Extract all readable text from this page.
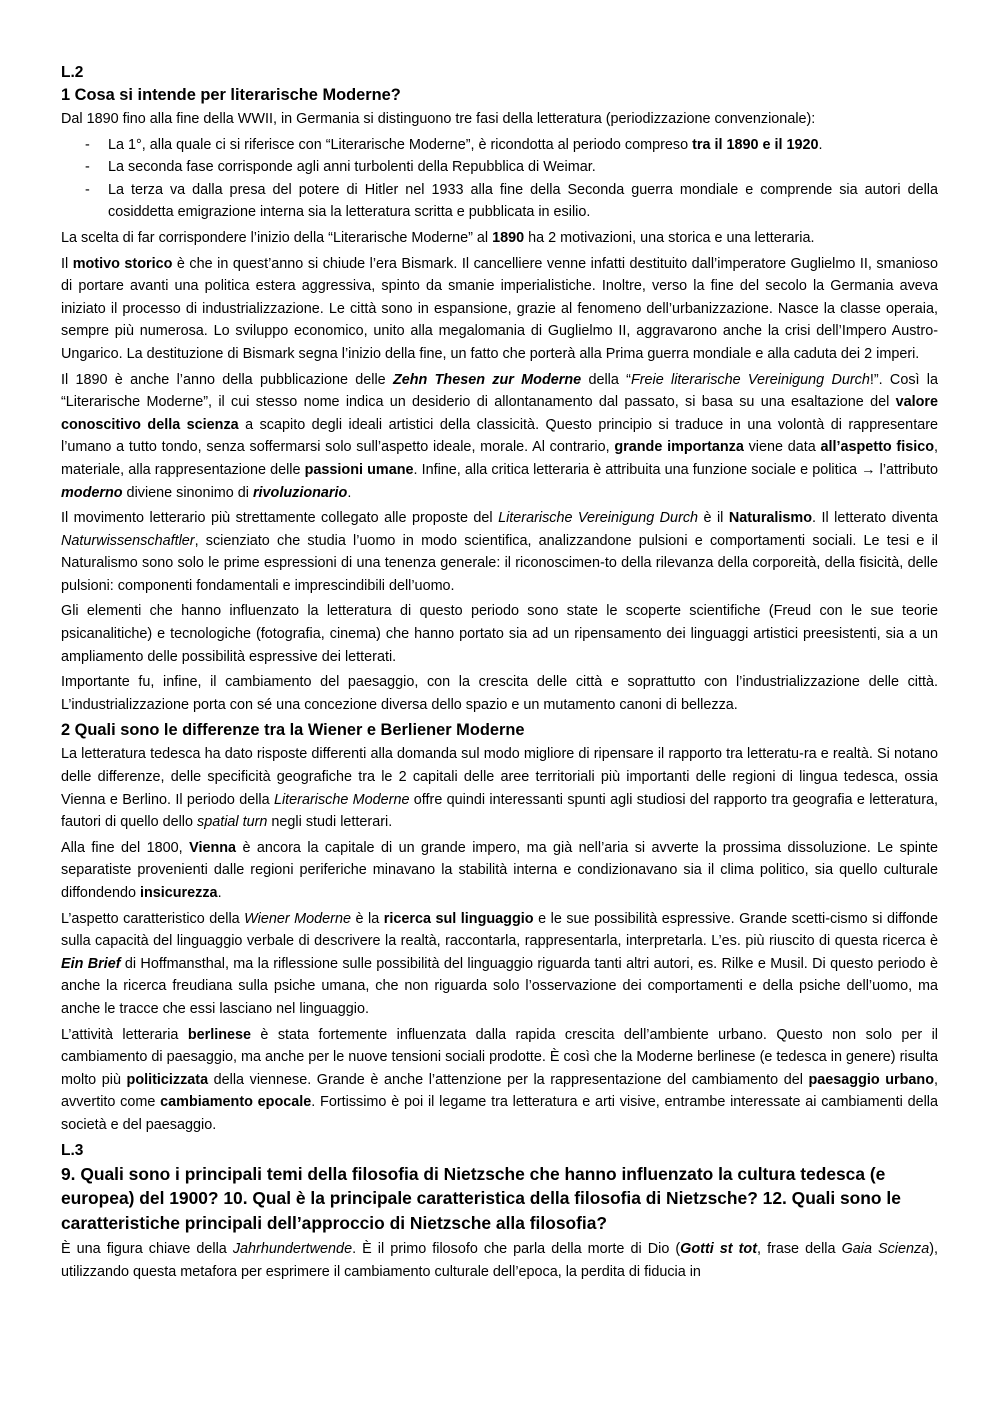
L.2
1 Cosa si intende per literarische Moderne?

Dal 1890 fino alla fine della WWII, in Germania si distinguono tre fasi della letteratura (periodizzazione convenzionale):

- La 1°, alla quale ci si riferisce con “Literarische Moderne”, è ricondotta al periodo compreso tra il 1890 e il 1920.
- La seconda fase corrisponde agli anni turbolenti della Repubblica di Weimar.
- La terza va dalla presa del potere di Hitler nel 1933 alla fine della Seconda guerra mondiale e comprende sia autori della cosiddetta emigrazione interna sia la letteratura scritta e pubblicata in esilio.

La scelta di far corrispondere l’inizio della “Literarische Moderne” al 1890 ha 2 motivazioni, una storica e una letteraria.

Il motivo storico è che in quest’anno si chiude l’era Bismark. Il cancelliere venne infatti destituito dall’imperatore Guglielmo II, smanioso di portare avanti una politica estera aggressiva, spinto da smanie imperialistiche. Inoltre, verso la fine del secolo la Germania aveva iniziato il processo di industrializzazione. Le città sono in espansione, grazie al fenomeno dell’urbanizzazione. Nasce la classe operaia, sempre più numerosa. Lo sviluppo economico, unito alla megalomania di Guglielmo II, aggravarono anche la crisi dell’Impero Austro-Ungarico. La destituzione di Bismark segna l’inizio della fine, un fatto che porterà alla Prima guerra mondiale e alla caduta dei 2 imperi.

Il 1890 è anche l’anno della pubblicazione delle Zehn Thesen zur Moderne della “Freie literarische Vereinigung Durch!”. Così la “Literarische Moderne”, il cui stesso nome indica un desiderio di allontanamento dal passato, si basa su una esaltazione del valore conoscitivo della scienza a scapito degli ideali artistici della classicità. Questo principio si traduce in una volontà di rappresentare l’umano a tutto tondo, senza soffermarsi solo sull’aspetto ideale, morale. Al contrario, grande importanza viene data all’aspetto fisico, materiale, alla rappresentazione delle passioni umane. Infine, alla critica letteraria è attribuita una funzione sociale e politica → l’attributo moderno diviene sinonimo di rivoluzionario.

Il movimento letterario più strettamente collegato alle proposte del Literarische Vereinigung Durch è il Naturalismo. Il letterato diventa Naturwissenschaftler, scienziato che studia l’uomo in modo scientifica, analizzandone pulsioni e comportamenti sociali. Le tesi e il Naturalismo sono solo le prime espressioni di una tenenza generale: il riconoscimen-to della rilevanza della corporeità, della fisicità, delle pulsioni: componenti fondamentali e imprescindibili dell’uomo.

Gli elementi che hanno influenzato la letteratura di questo periodo sono state le scoperte scientifiche (Freud con le sue teorie psicanalitiche) e tecnologiche (fotografia, cinema) che hanno portato sia ad un ripensamento dei linguaggi artistici preesistenti, sia a un ampliamento delle possibilità espressive dei letterati.

Importante fu, infine, il cambiamento del paesaggio, con la crescita delle città e soprattutto con l’industrializzazione delle città. L’industrializzazione porta con sé una concezione diversa dello spazio e un mutamento canoni di bellezza.

2 Quali sono le differenze tra la Wiener e Berliener Moderne

La letteratura tedesca ha dato risposte differenti alla domanda sul modo migliore di ripensare il rapporto tra letteratu-ra e realtà. Si notano delle differenze, delle specificità geografiche tra le 2 capitali delle aree territoriali più importanti delle regioni di lingua tedesca, ossia Vienna e Berlino. Il periodo della Literarische Moderne offre quindi interessanti spunti agli studiosi del rapporto tra geografia e letteratura, fautori di quello dello spatial turn negli studi letterari.

Alla fine del 1800, Vienna è ancora la capitale di un grande impero, ma già nell’aria si avverte la prossima dissoluzione. Le spinte separatiste provenienti dalle regioni periferiche minavano la stabilità interna e condizionavano sia il clima politico, sia quello culturale diffondendo insicurezza.

L’aspetto caratteristico della Wiener Moderne è la ricerca sul linguaggio e le sue possibilità espressive. Grande scetti-cismo si diffonde sulla capacità del linguaggio verbale di descrivere la realtà, raccontarla, rappresentarla, interpretarla. L’es. più riuscito di questa ricerca è Ein Brief di Hoffmansthal, ma la riflessione sulle possibilità del linguaggio riguarda tanti altri autori, es. Rilke e Musil. Di questo periodo è anche la ricerca freudiana sulla psiche umana, che non riguarda solo l’osservazione dei comportamenti e della psiche dell’uomo, ma anche le tracce che essi lasciano nel linguaggio.

L’attività letteraria berlinese è stata fortemente influenzata dalla rapida crescita dell’ambiente urbano. Questo non solo per il cambiamento di paesaggio, ma anche per le nuove tensioni sociali prodotte. È così che la Moderne berlinese (e tedesca in genere) risulta molto più politicizzata della viennese. Grande è anche l’attenzione per la rappresentazione del cambiamento del paesaggio urbano, avvertito come cambiamento epocale. Fortissimo è poi il legame tra letteratura e arti visive, entrambe interessate ai cambiamenti della società e del paesaggio.

L.3
9. Quali sono i principali temi della filosofia di Nietzsche che hanno influenzato la cultura tedesca (e europea) del 1900? 10. Qual è la principale caratteristica della filosofia di Nietzsche? 12. Quali sono le caratteristiche principali dell’approccio di Nietzsche alla filosofia?

È una figura chiave della Jahrhundertwende. È il primo filosofo che parla della morte di Dio (Gotti st tot, frase della Gaia Scienza), utilizzando questa metafora per esprimere il cambiamento culturale dell’epoca, la perdita di fiducia in
